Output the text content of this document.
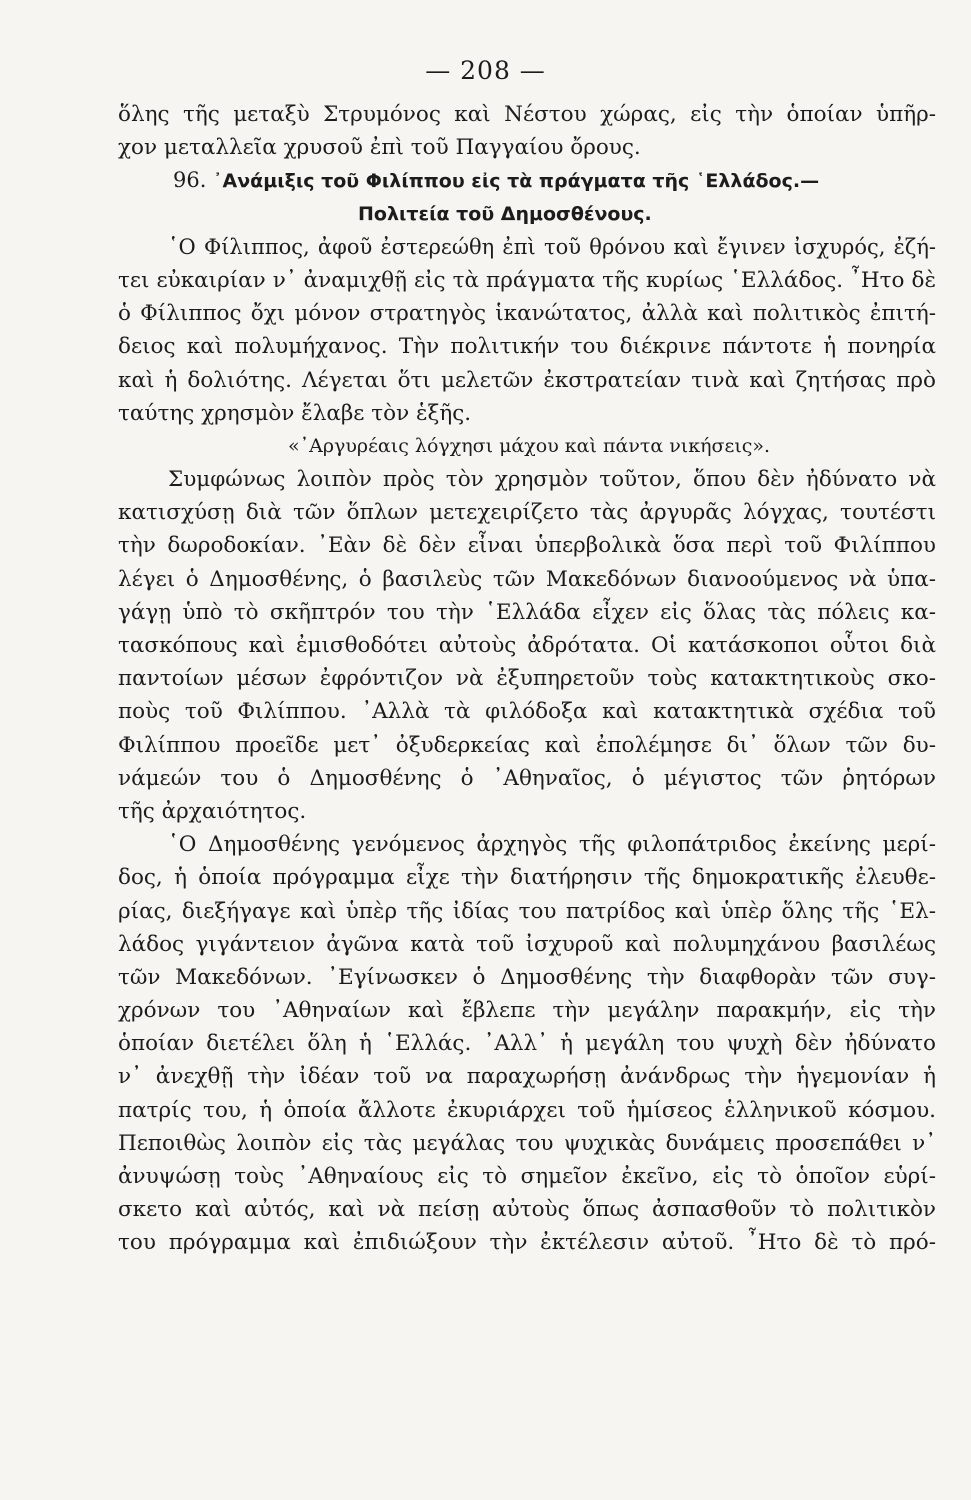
— 208 —
ὅλης τῆς μεταξὺ Στρυμόνος καὶ Νέστου χώρας, εἰς τὴν ὁποίαν ὑπῆρ-
χον μεταλλεῖα χρυσοῦ ἐπὶ τοῦ Παγγαίου ὄρους.
96. ᾿Ανάμιξις τοῦ Φιλίππου εἰς τὰ πράγματα τῆς ῾Ελλάδος.—
Πολιτεία τοῦ Δημοσθένους.
῾Ο Φίλιππος, ἀφοῦ ἐστερεώθη ἐπὶ τοῦ θρόνου καὶ ἔγινεν ἰσχυρός, ἐζή-
τει εὐκαιρίαν ν᾿ ἀναμιχθῇ εἰς τὰ πράγματα τῆς κυρίως ῾Ελλάδος. ῏Ητο δὲ
ὁ Φίλιππος ὄχι μόνον στρατηγὸς ἱκανώτατος, ἀλλὰ καὶ πολιτικὸς ἐπιτή-
δειος καὶ πολυμήχανος. Τὴν πολιτικήν του διέκρινε πάντοτε ἡ πονηρία
καὶ ἡ δολιότης. Λέγεται ὅτι μελετῶν ἐκστρατείαν τινὰ καὶ ζητήσας πρὸ
ταύτης χρησμὸν ἔλαβε τὸν ἑξῆς.
«᾿Αργυρέαις λόγχησι μάχου καὶ πάντα νικήσεις».
Συμφώνως λοιπὸν πρὸς τὸν χρησμὸν τοῦτον, ὅπου δὲν ἠδύνατο νὰ
κατισχύσῃ διὰ τῶν ὅπλων μετεχειρίζετο τὰς ἀργυρᾶς λόγχας, τουτέστι
τὴν δωροδοκίαν. ᾿Εὰν δὲ δὲν εἶναι ὑπερβολικὰ ὅσα περὶ τοῦ Φιλίππου
λέγει ὁ Δημοσθένης, ὁ βασιλεὺς τῶν Μακεδόνων διανοούμενος νὰ ὑπα-
γάγῃ ὑπὸ τὸ σκῆπτρόν του τὴν ῾Ελλάδα εἶχεν εἰς ὅλας τὰς πόλεις κα-
τασκόπους καὶ ἐμισθοδότει αὐτοὺς ἀδρότατα. Οἱ κατάσκοποι οὗτοι διὰ
παντοίων μέσων ἐφρόντιζον νὰ ἐξυπηρετοῦν τοὺς κατακτητικοὺς σκο-
ποὺς τοῦ Φιλίππου. ᾿Αλλὰ τὰ φιλόδοξα καὶ κατακτητικὰ σχέδια τοῦ
Φιλίππου προεῖδε μετ᾿ ὀξυδερκείας καὶ ἐπολέμησε δι᾿ ὅλων τῶν δυ-
νάμεών του ὁ Δημοσθένης ὁ ᾿Αθηναῖος, ὁ μέγιστος τῶν ῥητόρων
τῆς ἀρχαιότητος.
῾Ο Δημοσθένης γενόμενος ἀρχηγὸς τῆς φιλοπάτριδος ἐκείνης μερί-
δος, ἡ ὁποία πρόγραμμα εἶχε τὴν διατήρησιν τῆς δημοκρατικῆς ἐλευθε-
ρίας, διεξήγαγε καὶ ὑπὲρ τῆς ἰδίας του πατρίδος καὶ ὑπὲρ ὅλης τῆς ῾Ελ-
λάδος γιγάντειον ἀγῶνα κατὰ τοῦ ἰσχυροῦ καὶ πολυμηχάνου βασιλέως
τῶν Μακεδόνων. ᾿Εγίνωσκεν ὁ Δημοσθένης τὴν διαφθορὰν τῶν συγ-
χρόνων του ᾿Αθηναίων καὶ ἔβλεπε τὴν μεγάλην παρακμήν, εἰς τὴν
ὁποίαν διετέλει ὅλη ἡ ῾Ελλάς. ᾿Αλλ᾿ ἡ μεγάλη του ψυχὴ δὲν ἠδύνατο
ν᾿ ἀνεχθῇ τὴν ἰδέαν τοῦ να παραχωρήσῃ ἀνάνδρως τὴν ἡγεμονίαν ἡ
πατρίς του, ἡ ὁποία ἄλλοτε ἐκυριάρχει τοῦ ἡμίσεος ἑλληνικοῦ κόσμου.
Πεποιθὼς λοιπὸν εἰς τὰς μεγάλας του ψυχικὰς δυνάμεις προσεπάθει ν᾿
ἀνυψώσῃ τοὺς ᾿Αθηναίους εἰς τὸ σημεῖον ἐκεῖνο, εἰς τὸ ὁποῖον εὑρί-
σκετο καὶ αὐτός, καὶ νὰ πείσῃ αὐτοὺς ὅπως ἀσπασθοῦν τὸ πολιτικὸν
του πρόγραμμα καὶ ἐπιδιώξουν τὴν ἐκτέλεσιν αὐτοῦ. ῏Ητο δὲ τὸ πρό-
